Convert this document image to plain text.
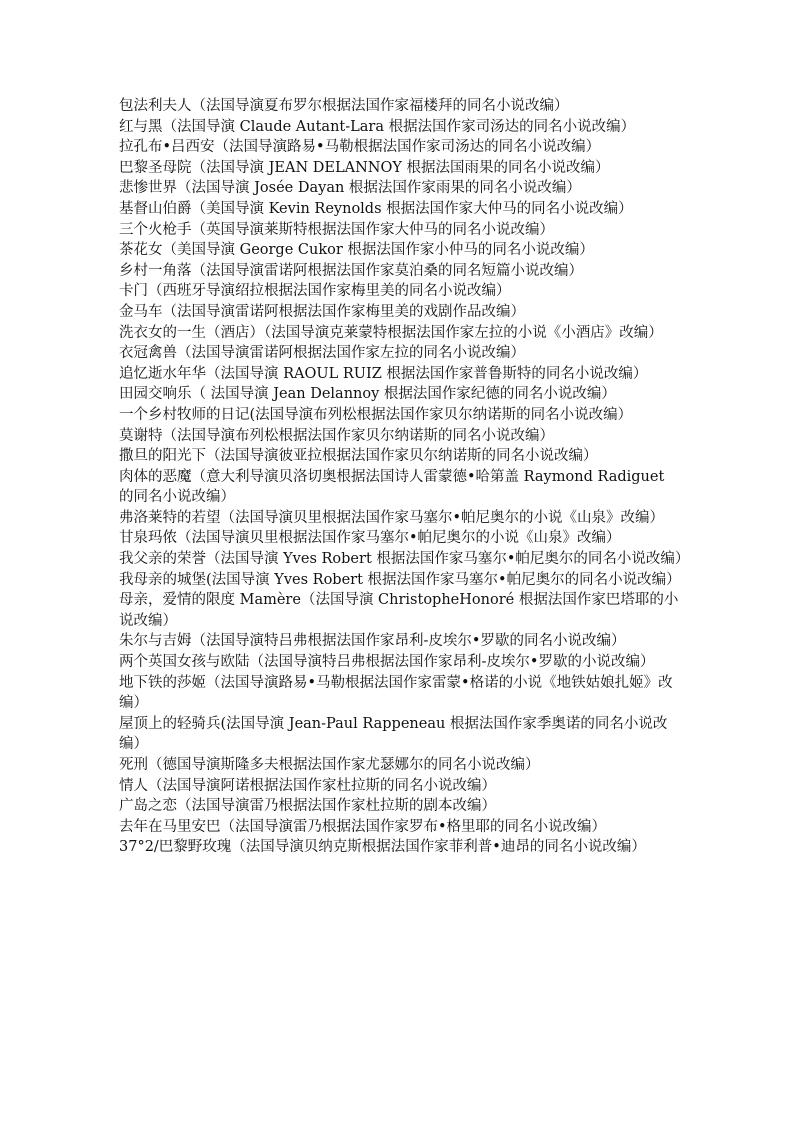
包法利夫人（法国导演夏布罗尔根据法国作家福楼拜的同名小说改编）

红与黑（法国导演 Claude Autant-Lara 根据法国作家司汤达的同名小说改编）

拉孔布•吕西安（法国导演路易•马勒根据法国作家司汤达的同名小说改编）

巴黎圣母院（法国导演 JEAN DELANNOY 根据法国雨果的同名小说改编）

悲惨世界（法国导演 Josée Dayan 根据法国作家雨果的同名小说改编）

基督山伯爵（美国导演 Kevin Reynolds 根据法国作家大仲马的同名小说改编）

三个火枪手（英国导演莱斯特根据法国作家大仲马的同名小说改编）

茶花女（美国导演 George Cukor 根据法国作家小仲马的同名小说改编）

乡村一角落（法国导演雷诺阿根据法国作家莫泊桑的同名短篇小说改编）

卡门（西班牙导演绍拉根据法国作家梅里美的同名小说改编）

金马车（法国导演雷诺阿根据法国作家梅里美的戏剧作品改编）

洗衣女的一生（酒店）（法国导演克莱蒙特根据法国作家左拉的小说《小酒店》改编）

衣冠禽兽（法国导演雷诺阿根据法国作家左拉的同名小说改编）

追忆逝水年华（法国导演 RAOUL RUIZ 根据法国作家普鲁斯特的同名小说改编）

田园交响乐（ 法国导演 Jean Delannoy 根据法国作家纪德的同名小说改编）

一个乡村牧师的日记(法国导演布列松根据法国作家贝尔纳诺斯的同名小说改编）

莫谢特（法国导演布列松根据法国作家贝尔纳诺斯的同名小说改编）

撒旦的阳光下（法国导演彼亚拉根据法国作家贝尔纳诺斯的同名小说改编）

肉体的恶魔（意大利导演贝洛切奥根据法国诗人雷蒙德•哈第盖 Raymond Radiguet 的同名小说改编）

弗洛莱特的若望（法国导演贝里根据法国作家马塞尔•帕尼奥尔的小说《山泉》改编）

甘泉玛侬（法国导演贝里根据法国作家马塞尔•帕尼奥尔的小说《山泉》改编）

我父亲的荣誉（法国导演 Yves Robert 根据法国作家马塞尔•帕尼奥尔的同名小说改编）

我母亲的城堡(法国导演 Yves Robert 根据法国作家马塞尔•帕尼奥尔的同名小说改编）

母亲，爱情的限度 Mamère（法国导演 ChristopheHonoré 根据法国作家巴塔耶的小说改编）

朱尔与吉姆（法国导演特吕弗根据法国作家昂利-皮埃尔•罗歇的同名小说改编）

两个英国女孩与欧陆（法国导演特吕弗根据法国作家昂利-皮埃尔•罗歇的小说改编）

地下铁的莎姬（法国导演路易•马勒根据法国作家雷蒙•格诺的小说《地铁姑娘扎姬》改编）

屋顶上的轻骑兵(法国导演 Jean-Paul Rappeneau 根据法国作家季奥诺的同名小说改编）

死刑（德国导演斯隆多夫根据法国作家尤瑟娜尔的同名小说改编）

情人（法国导演阿诺根据法国作家杜拉斯的同名小说改编）

广岛之恋（法国导演雷乃根据法国作家杜拉斯的剧本改编）

去年在马里安巴（法国导演雷乃根据法国作家罗布•格里耶的同名小说改编）

37°2/巴黎野玫瑰（法国导演贝纳克斯根据法国作家菲利普•迪昂的同名小说改编）
